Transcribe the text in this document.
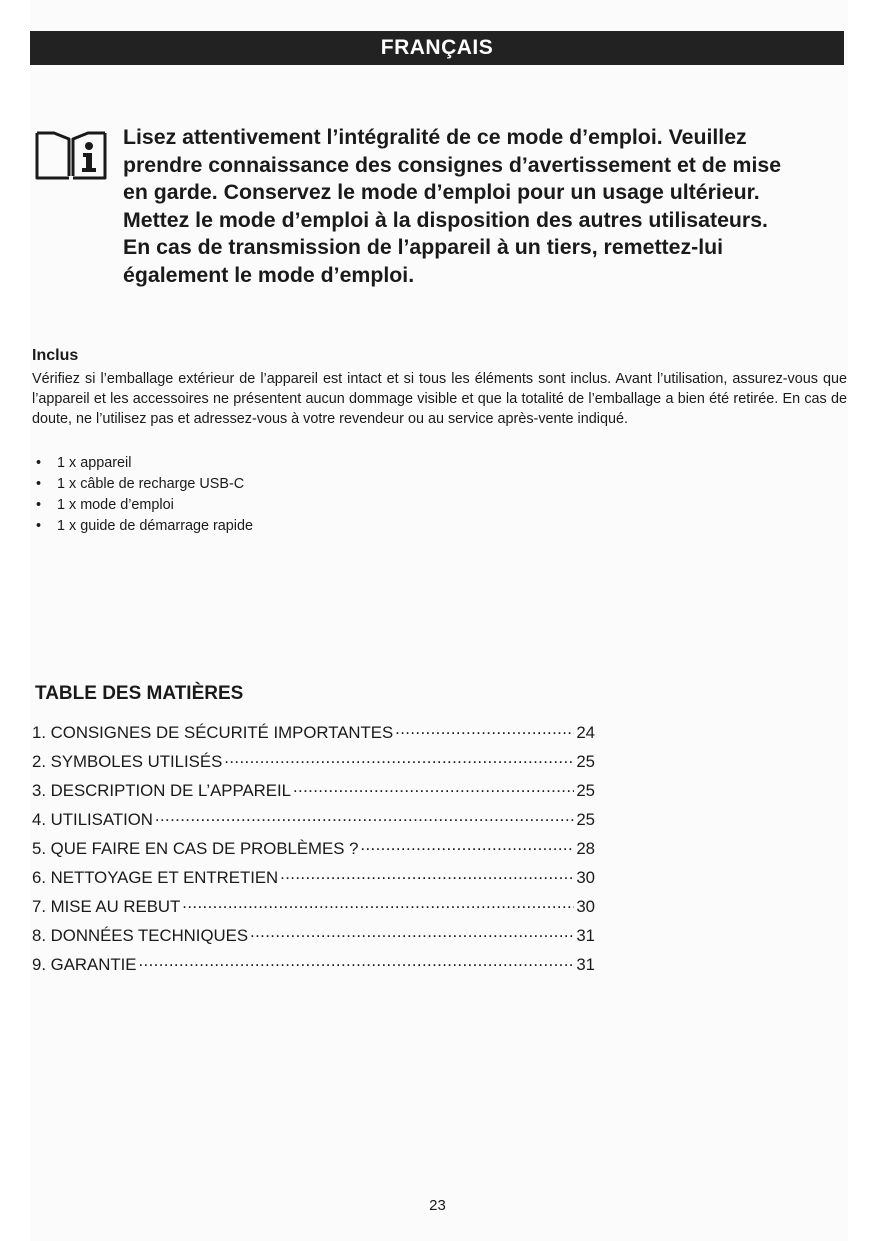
FRANÇAIS

Lisez attentivement l’intégralité de ce mode d’emploi. Veuillez

prendre connaissance des consignes d’avertissement et de mise

en garde. Conservez le mode d’emploi pour un usage ultérieur.

Mettez le mode d’emploi à la disposition des autres utilisateurs.

En cas de transmission de l’appareil à un tiers, remettez-lui

également le mode d’emploi.

Inclus
Vérifiez si l’emballage extérieur de l’appareil est intact et si tous les éléments sont inclus. Avant l’utilisation, assurez-vous que l’appareil et les accessoires ne présentent aucun dommage visible et que la totalité de l’emballage a bien été retirée. En cas de doute, ne l’utilisez pas et adressez-vous à votre revendeur ou au service après-vente indiqué.
•	1 x appareil
•	1 x câble de recharge USB-C
•	1 x mode d’emploi
•	1 x guide de démarrage rapide
TABLE DES MATIÈRES
1. CONSIGNES DE SÉCURITÉ IMPORTANTES .....	24
2. SYMBOLES UTILISÉS .....	25
3. DESCRIPTION DE L’APPAREIL .....	25
4. UTILISATION .....	25
5. QUE FAIRE EN CAS DE PROBLÈMES ? .....	28
6. NETTOYAGE ET ENTRETIEN .....	30
7. MISE AU REBUT .....	30
8. DONNÉES TECHNIQUES .....	31
9. GARANTIE .....	31
23
